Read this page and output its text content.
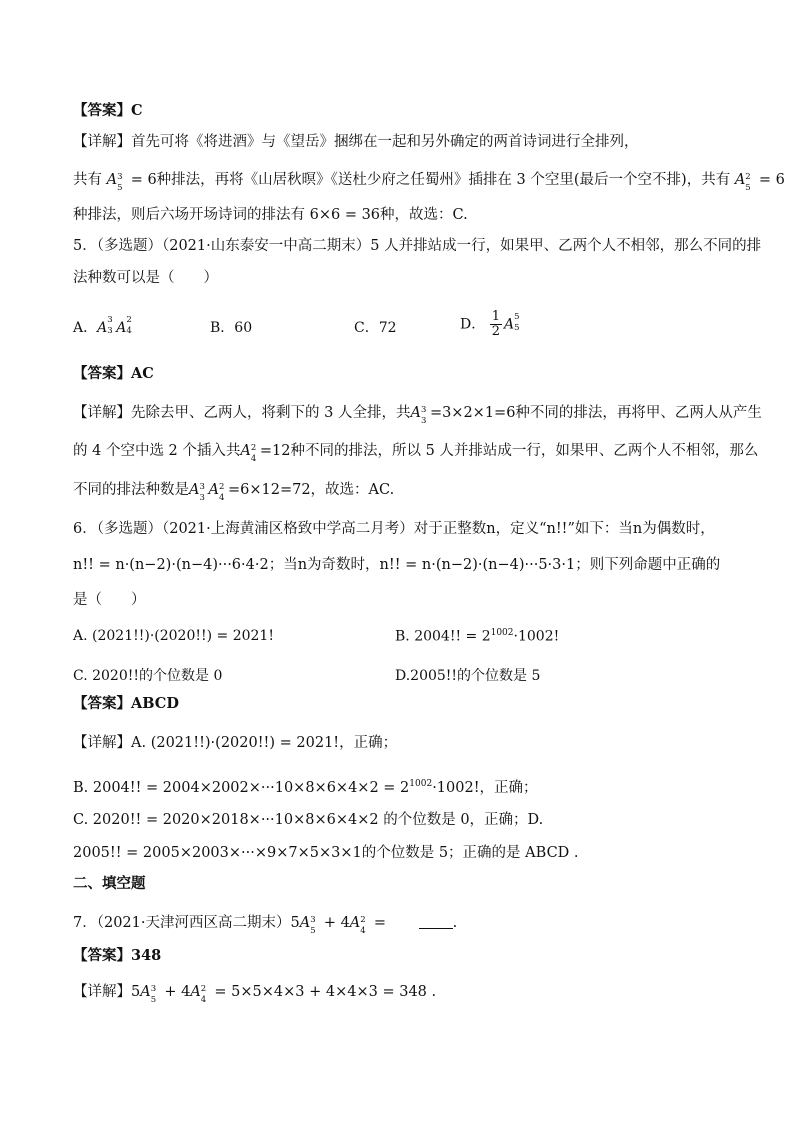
【答案】C
【详解】首先可将《将进酒》与《望岳》捆绑在一起和另外确定的两首诗词进行全排列，
共有 A 3
5 = 6种排法，再将《山居秋暝》《送杜少府之任蜀州》插排在 3 个空里(最后一个空不排)，共有 A 2
5 = 6
种排法，则后六场开场诗词的排法有 6×6 = 36种，故选：C.
5．（多选题）（2021·山东泰安一中高二期末）5 人并排站成一行，如果甲、乙两个人不相邻，那么不同的排
法种数可以是（　　）
A．A 3
3 A 2
4	B．60	C．72	D． $\frac{1}{2}$ A 5
5
【答案】AC
【详解】先除去甲、乙两人，将剩下的 3 人全排，共A 3
3 =3×2×1=6种不同的排法，再将甲、乙两人从产生
的 4 个空中选 2 个插入共A 2
4 =12种不同的排法，所以 5 人并排站成一行，如果甲、乙两个人不相邻，那么
不同的排法种数是A 3
3 A 2
4 =6×12=72，故选：AC.
6．（多选题）（2021·上海黄浦区格致中学高二月考）对于正整数n，定义“n!!”如下：当n为偶数时，
n!! = n·(n−2)·(n−4)···6·4·2；当n为奇数时，n!! = n·(n−2)·(n−4)···5·3·1；则下列命题中正确的
是（　　）
A. (2021!!)·(2020!!) = 2021!	B. 2004!! = $2^{1002}\cdot 1002$!
C. 2020!!的个位数是 0	D.2005!!的个位数是 5
【答案】ABCD
【详解】A. (2021!!)·(2020!!) = 2021!，正确；
B. 2004!! = $2004\times 2002\times\cdot\cdot\cdot 10\times 8\times 6\times 4\times 2 = 2^{1002}\cdot 1002$!，正确；
C. 2020!! = 2020×2018×···10×8×6×4×2 的个位数是 0，正确；D.
2005!! = 2005×2003×···×9×7×5×3×1的个位数是 5；正确的是 ABCD .
二、填空题
7．（2021·天津河西区高二期末）5A 3
5 + 4A 2
4 =	.
【答案】348
【详解】5A 3
5 + 4A 2
4 = 5×5×4×3 + 4×4×3 = 348 .
